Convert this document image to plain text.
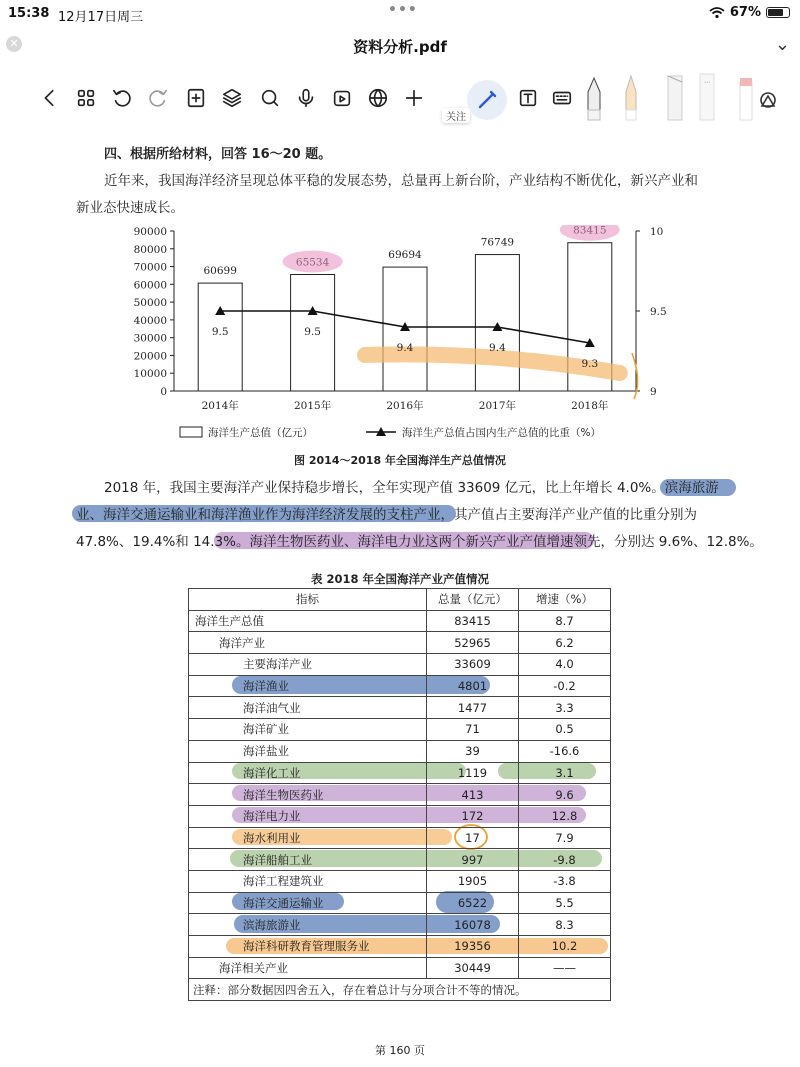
15:38 12月17日周三	•••	67%
✕	资料分析.pdf	⌄
关注
⋯
四、根据所给材料，回答 16～20 题。
近年来，我国海洋经济呈现总体平稳的发展态势，总量再上新台阶，产业结构不断优化，新兴产业和
新业态快速成长。
0
10000
20000
30000
40000
50000
60000
70000
80000
90000
9
9.5
10
60699
2014年	2015年
69694
2016年
76749
2017年	2018年
9.5	9.5
9.4	9.4
9.3
海洋生产总值（亿元）	海洋生产总值占国内生产总值的比重（%）
图 2014～2018 年全国海洋生产总值情况
2018 年，我国主要海洋产业保持稳步增长，全年实现产值 33609 亿元，比上年增长 4.0%。滨海旅游
业、海洋交通运输业和海洋渔业作为海洋经济发展的支柱产业，其产值占主要海洋产业产值的比重分别为
47.8%、19.4%和 14.3%。海洋生物医药业、海洋电力业这两个新兴产业产值增速领先，分别达 9.6%、12.8%。
表 2018 年全国海洋产业产值情况
指标	总量（亿元）	增速（%）
海洋生产总值	83415	8.7
海洋产业	52965	6.2
主要海洋产业	33609	4.0
海洋渔业	4801	-0.2
海洋油气业	1477	3.3
海洋矿业	71	0.5
海洋盐业	39	-16.6
海洋化工业	1119	3.1
海洋生物医药业	413	9.6
海洋电力业	172	12.8
海水利用业	17	7.9
海洋船舶工业	997	-9.8
海洋工程建筑业	1905	-3.8
海洋交通运输业	6522	5.5
滨海旅游业	16078	8.3
海洋科研教育管理服务业	19356	10.2
海洋相关产业	30449	——
注释：部分数据因四舍五入，存在着总计与分项合计不等的情况。		
第 160 页
